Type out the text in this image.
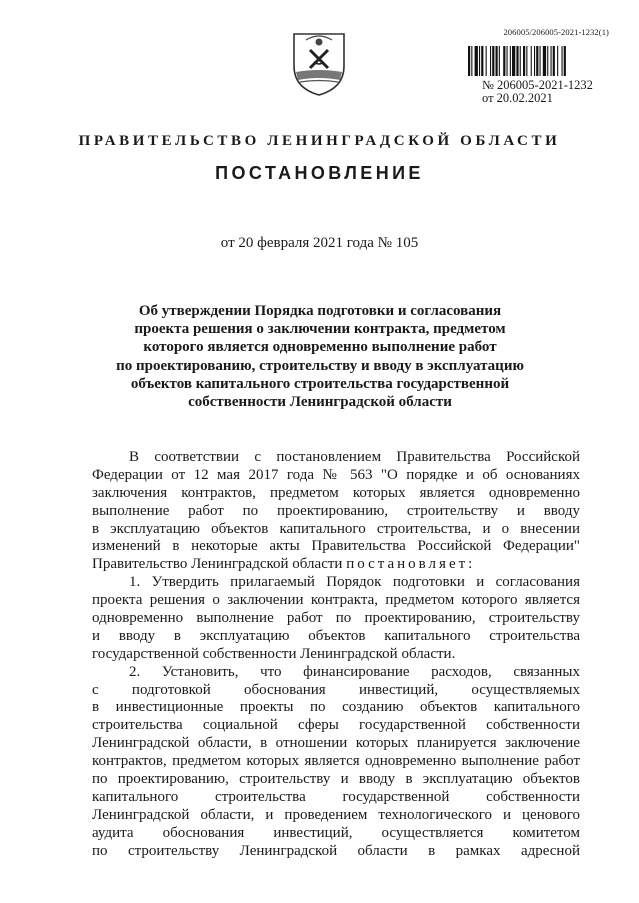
206005/206005-2021-1232(1)
№ 206005-2021-1232
от 20.02.2021
ПРАВИТЕЛЬСТВО ЛЕНИНГРАДСКОЙ ОБЛАСТИ
ПОСТАНОВЛЕНИЕ
от 20 февраля 2021 года № 105
Об утверждении Порядка подготовки и согласования
проекта решения о заключении контракта, предметом
которого является одновременно выполнение работ
по проектированию, строительству и вводу в эксплуатацию
объектов капитального строительства государственной
собственности Ленинградской области
В соответствии с постановлением Правительства Российской
Федерации от 12 мая 2017 года № 563 "О порядке и об основаниях
заключения контрактов, предметом которых является одновременно
выполнение работ по проектированию, строительству и вводу
в эксплуатацию объектов капитального строительства, и о внесении
изменений в некоторые акты Правительства Российской Федерации"
Правительство Ленинградской области постановляет:
1. Утвердить прилагаемый Порядок подготовки и согласования
проекта решения о заключении контракта, предметом которого является
одновременно выполнение работ по проектированию, строительству
и вводу в эксплуатацию объектов капитального строительства
государственной собственности Ленинградской области.
2. Установить, что финансирование расходов, связанных
с подготовкой обоснования инвестиций, осуществляемых
в инвестиционные проекты по созданию объектов капитального
строительства социальной сферы государственной собственности
Ленинградской области, в отношении которых планируется заключение
контрактов, предметом которых является одновременно выполнение работ
по проектированию, строительству и вводу в эксплуатацию объектов
капитального строительства государственной собственности
Ленинградской области, и проведением технологического и ценового
аудита обоснования инвестиций, осуществляется комитетом
по строительству Ленинградской области в рамках адресной
